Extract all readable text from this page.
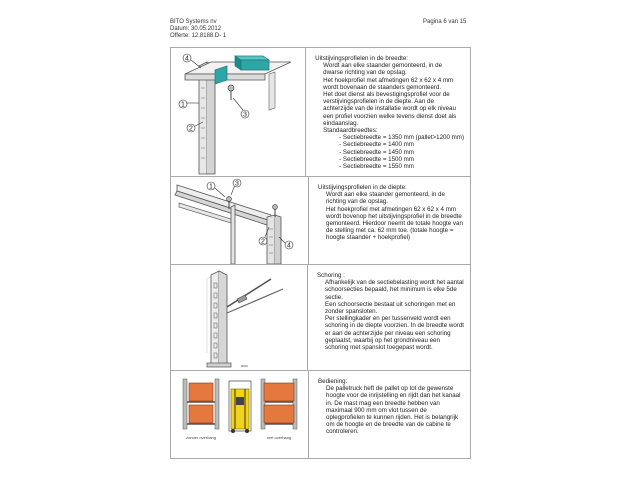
BITO Systems nv
Datum: 30.05.2012
Offerte: 12.8188.D- 1
Pagina 6 van 15
4
1
2
3
Uitstijvingsprofielen in de breedte:
Wordt aan elke staander gemonteerd, in de
dwarse richting van de opslag.
Het hoekprofiel met afmetingen 62 x 62 x 4 mm
wordt bovenaan de staanders gemonteerd.
Het doet dienst als bevestigingsprofiel voor de
verstijvingsprofielen in de diepte. Aan de
achterzijde van de installatie wordt op elk niveau
een profiel voorzien welke tevens dienst doet als
eindaanslag.
Standaardbreedtes:
- Sectiebreedte = 1350 mm (pallet>1200 mm)
- Sectiebreedte = 1400 mm
- Sectiebreedte = 1450 mm
- Sectiebreedte = 1500 mm
- Sectiebreedte = 1550 mm
1	3
2
4
Uitstijvingsprofielen in de diepte:
Wordt aan elke staander gemonteerd, in de
richting van de opslag.
Het hoekprofiel met afmetingen 62 x 62 x 4 mm
wordt bovenop het uitstijvingsprofiel in de breedte
gemonteerd. Hierdoor neemt de totale hoogte van
de stelling met ca. 62 mm toe. (totale hoogte =
hoogte staander + hoekprofiel)
ooo
Schoring :
Afhankelijk van de sectiebelasting wordt het aantal
schoorsecties bepaald, het minimum is elke 5de
sectie.
Een schoorsectie bestaat uit schoringen met en
zonder spansloten.
Per stellingkader en per tussenveld wordt een
schoring in de diepte voorzien. In de breedte wordt
er aan de achterzijde per niveau een schoring
geplaatst, waarbij op het grondniveau een
schoring met spanslot toegepast wordt.
zonder overhang	met overhang
Bediening:
De palletruck heft de pallet op tot de gewenste
hoogte voor de inrijstelling en rijdt dan het kanaal
in. De mast mag een breedte hebben van
maximaal 900 mm om vlot tussen de
oplegprofielen te kunnen rijden. Het is belangrijk
om de hoogte en de breedte van de cabine te
controleren.
